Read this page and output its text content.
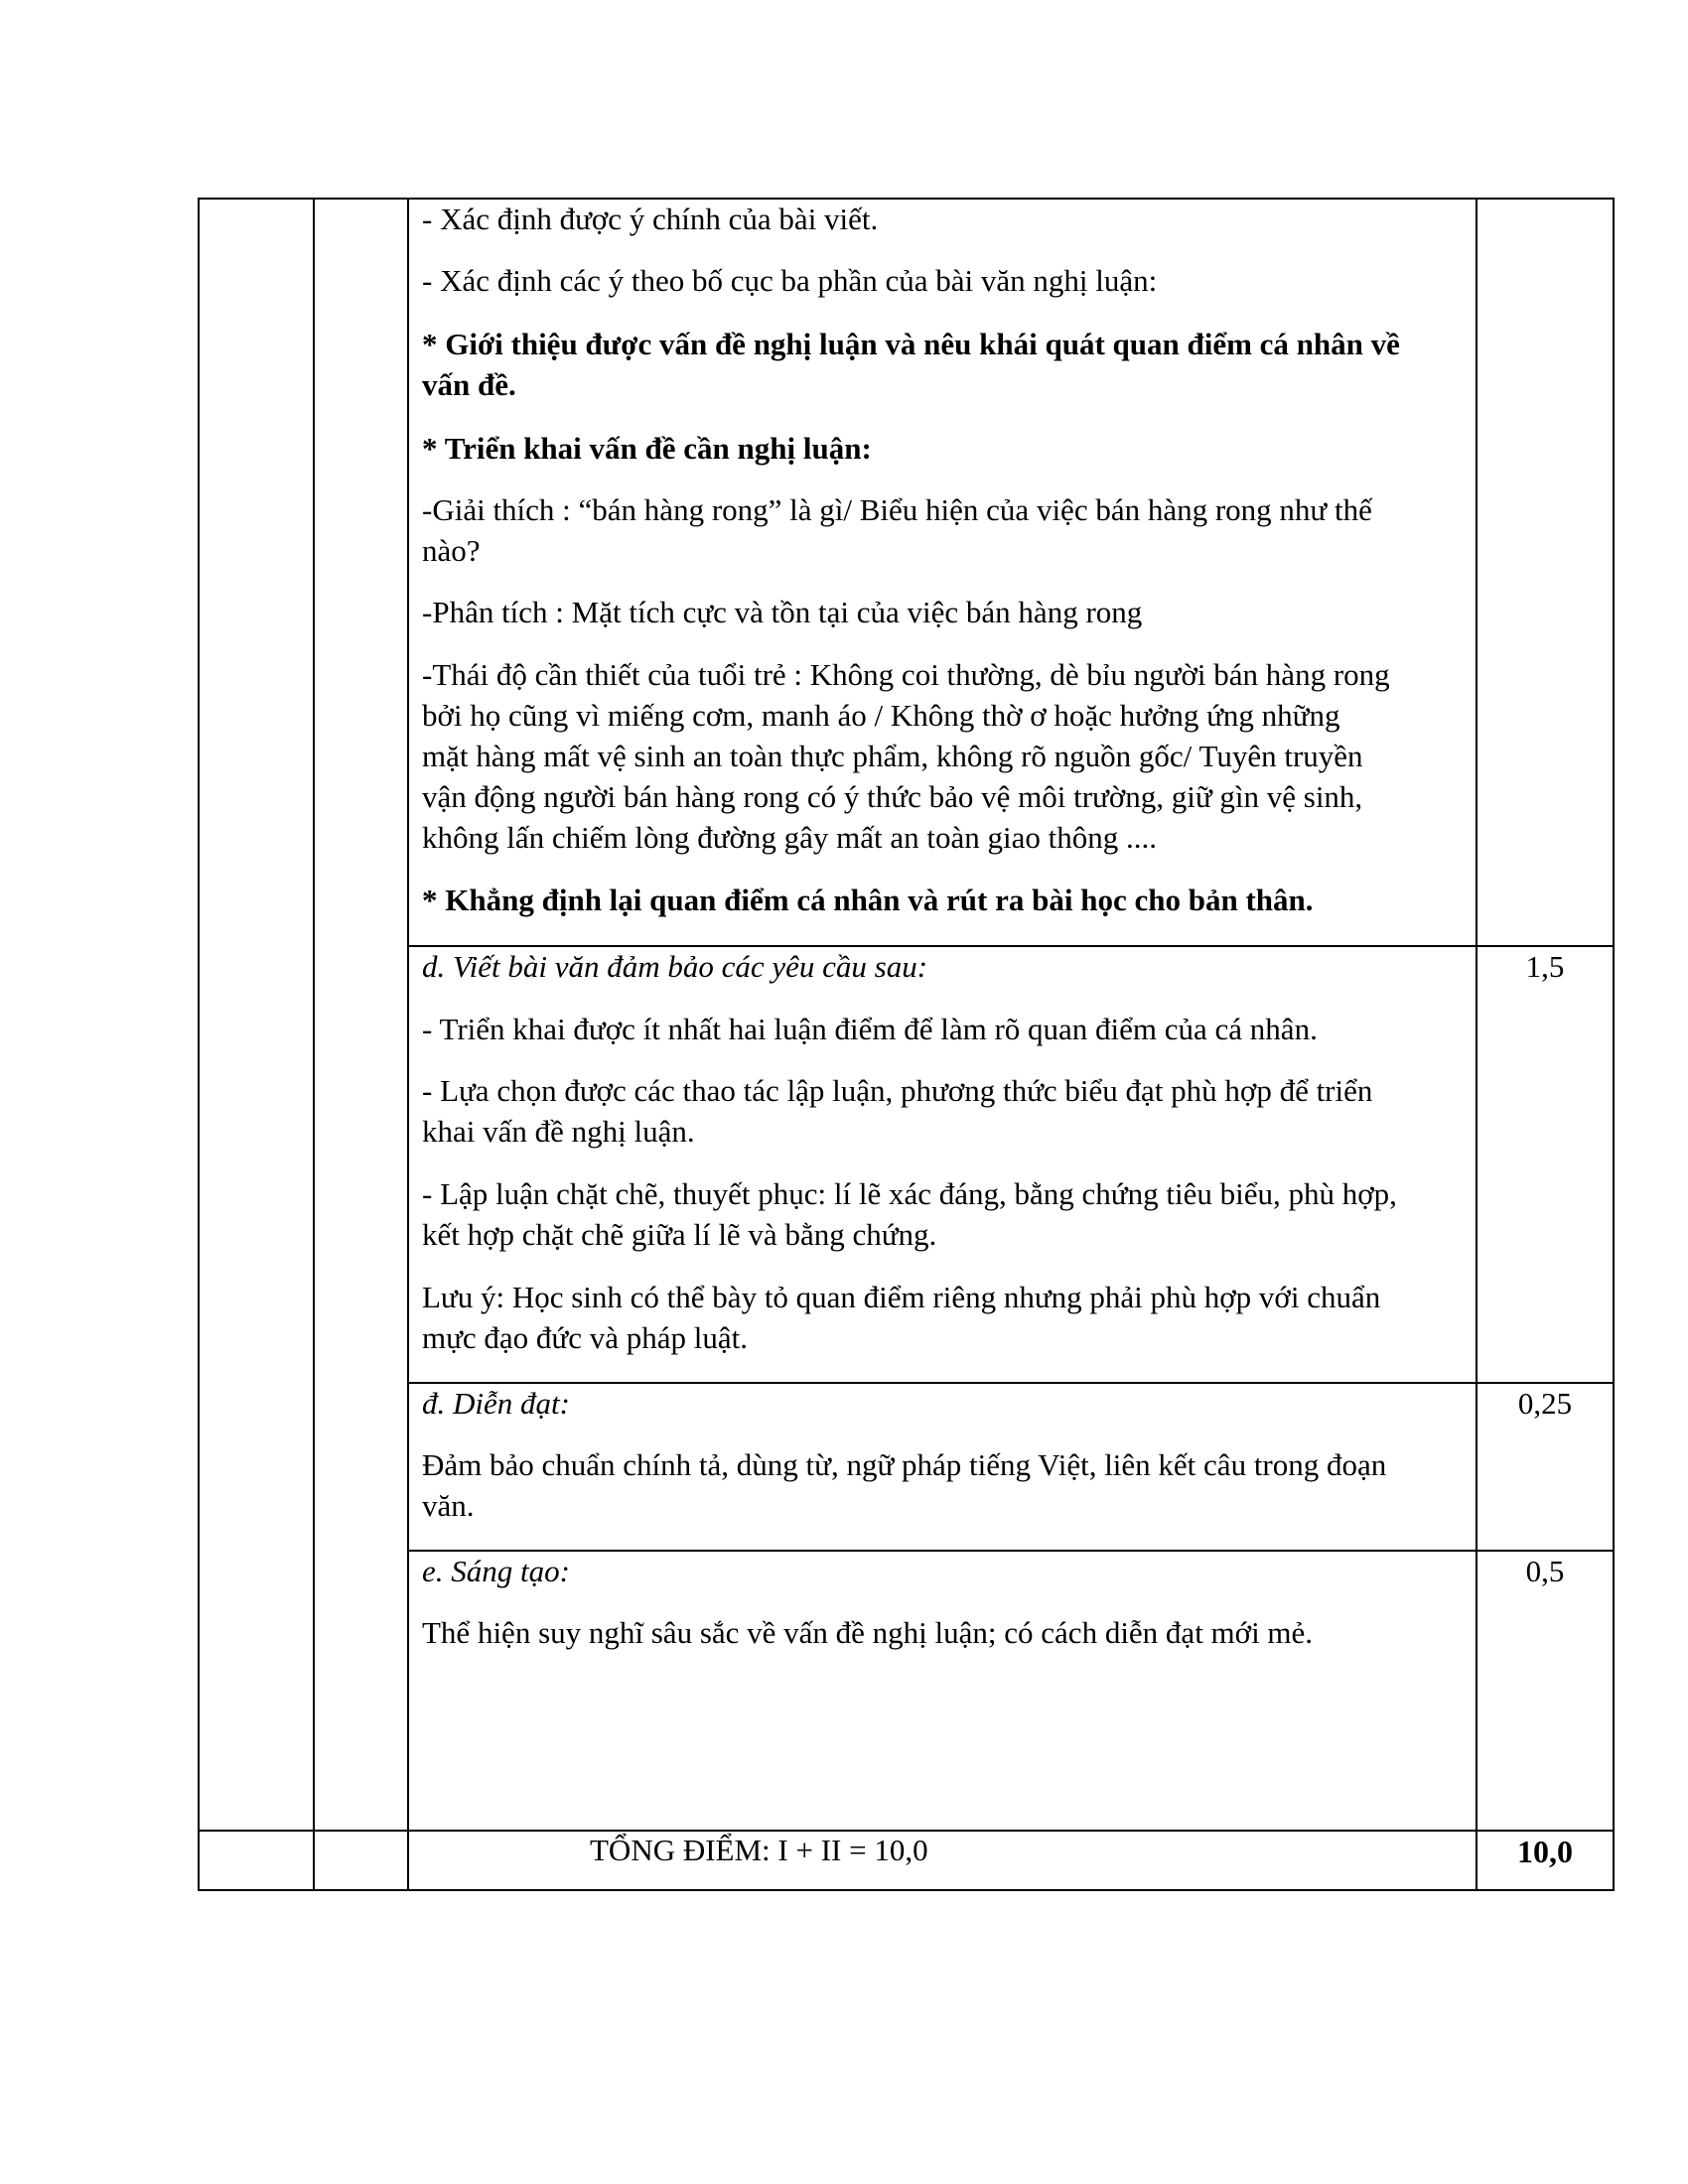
- Xác định được ý chính của bài viết.
- Xác định các ý theo bố cục ba phần của bài văn nghị luận:
* Giới thiệu được vấn đề nghị luận và nêu khái quát quan điểm cá nhân về
vấn đề.
* Triển khai vấn đề cần nghị luận:
-Giải thích : “bán hàng rong” là gì/ Biểu hiện của việc bán hàng rong như thế
nào?
-Phân tích : Mặt tích cực và tồn tại của việc bán hàng rong
-Thái độ cần thiết của tuổi trẻ : Không coi thường, dè bỉu người bán hàng rong
bởi họ cũng vì miếng cơm, manh áo / Không thờ ơ hoặc hưởng ứng những
mặt hàng mất vệ sinh an toàn thực phẩm, không rõ nguồn gốc/ Tuyên truyền
vận động người bán hàng rong có ý thức bảo vệ môi trường, giữ gìn vệ sinh,
không lấn chiếm lòng đường gây mất an toàn giao thông ....
* Khẳng định lại quan điểm cá nhân và rút ra bài học cho bản thân.
d. Viết bài văn đảm bảo các yêu cầu sau:	1,5
- Triển khai được ít nhất hai luận điểm để làm rõ quan điểm của cá nhân.
- Lựa chọn được các thao tác lập luận, phương thức biểu đạt phù hợp để triển
khai vấn đề nghị luận.
- Lập luận chặt chẽ, thuyết phục: lí lẽ xác đáng, bằng chứng tiêu biểu, phù hợp,
kết hợp chặt chẽ giữa lí lẽ và bằng chứng.
Lưu ý: Học sinh có thể bày tỏ quan điểm riêng nhưng phải phù hợp với chuẩn
mực đạo đức và pháp luật.
đ. Diễn đạt:	0,25
Đảm bảo chuẩn chính tả, dùng từ, ngữ pháp tiếng Việt, liên kết câu trong đoạn
văn.
e. Sáng tạo:	0,5
Thể hiện suy nghĩ sâu sắc về vấn đề nghị luận; có cách diễn đạt mới mẻ.
TỔNG ĐIỂM: I + II = 10,0	10,0
